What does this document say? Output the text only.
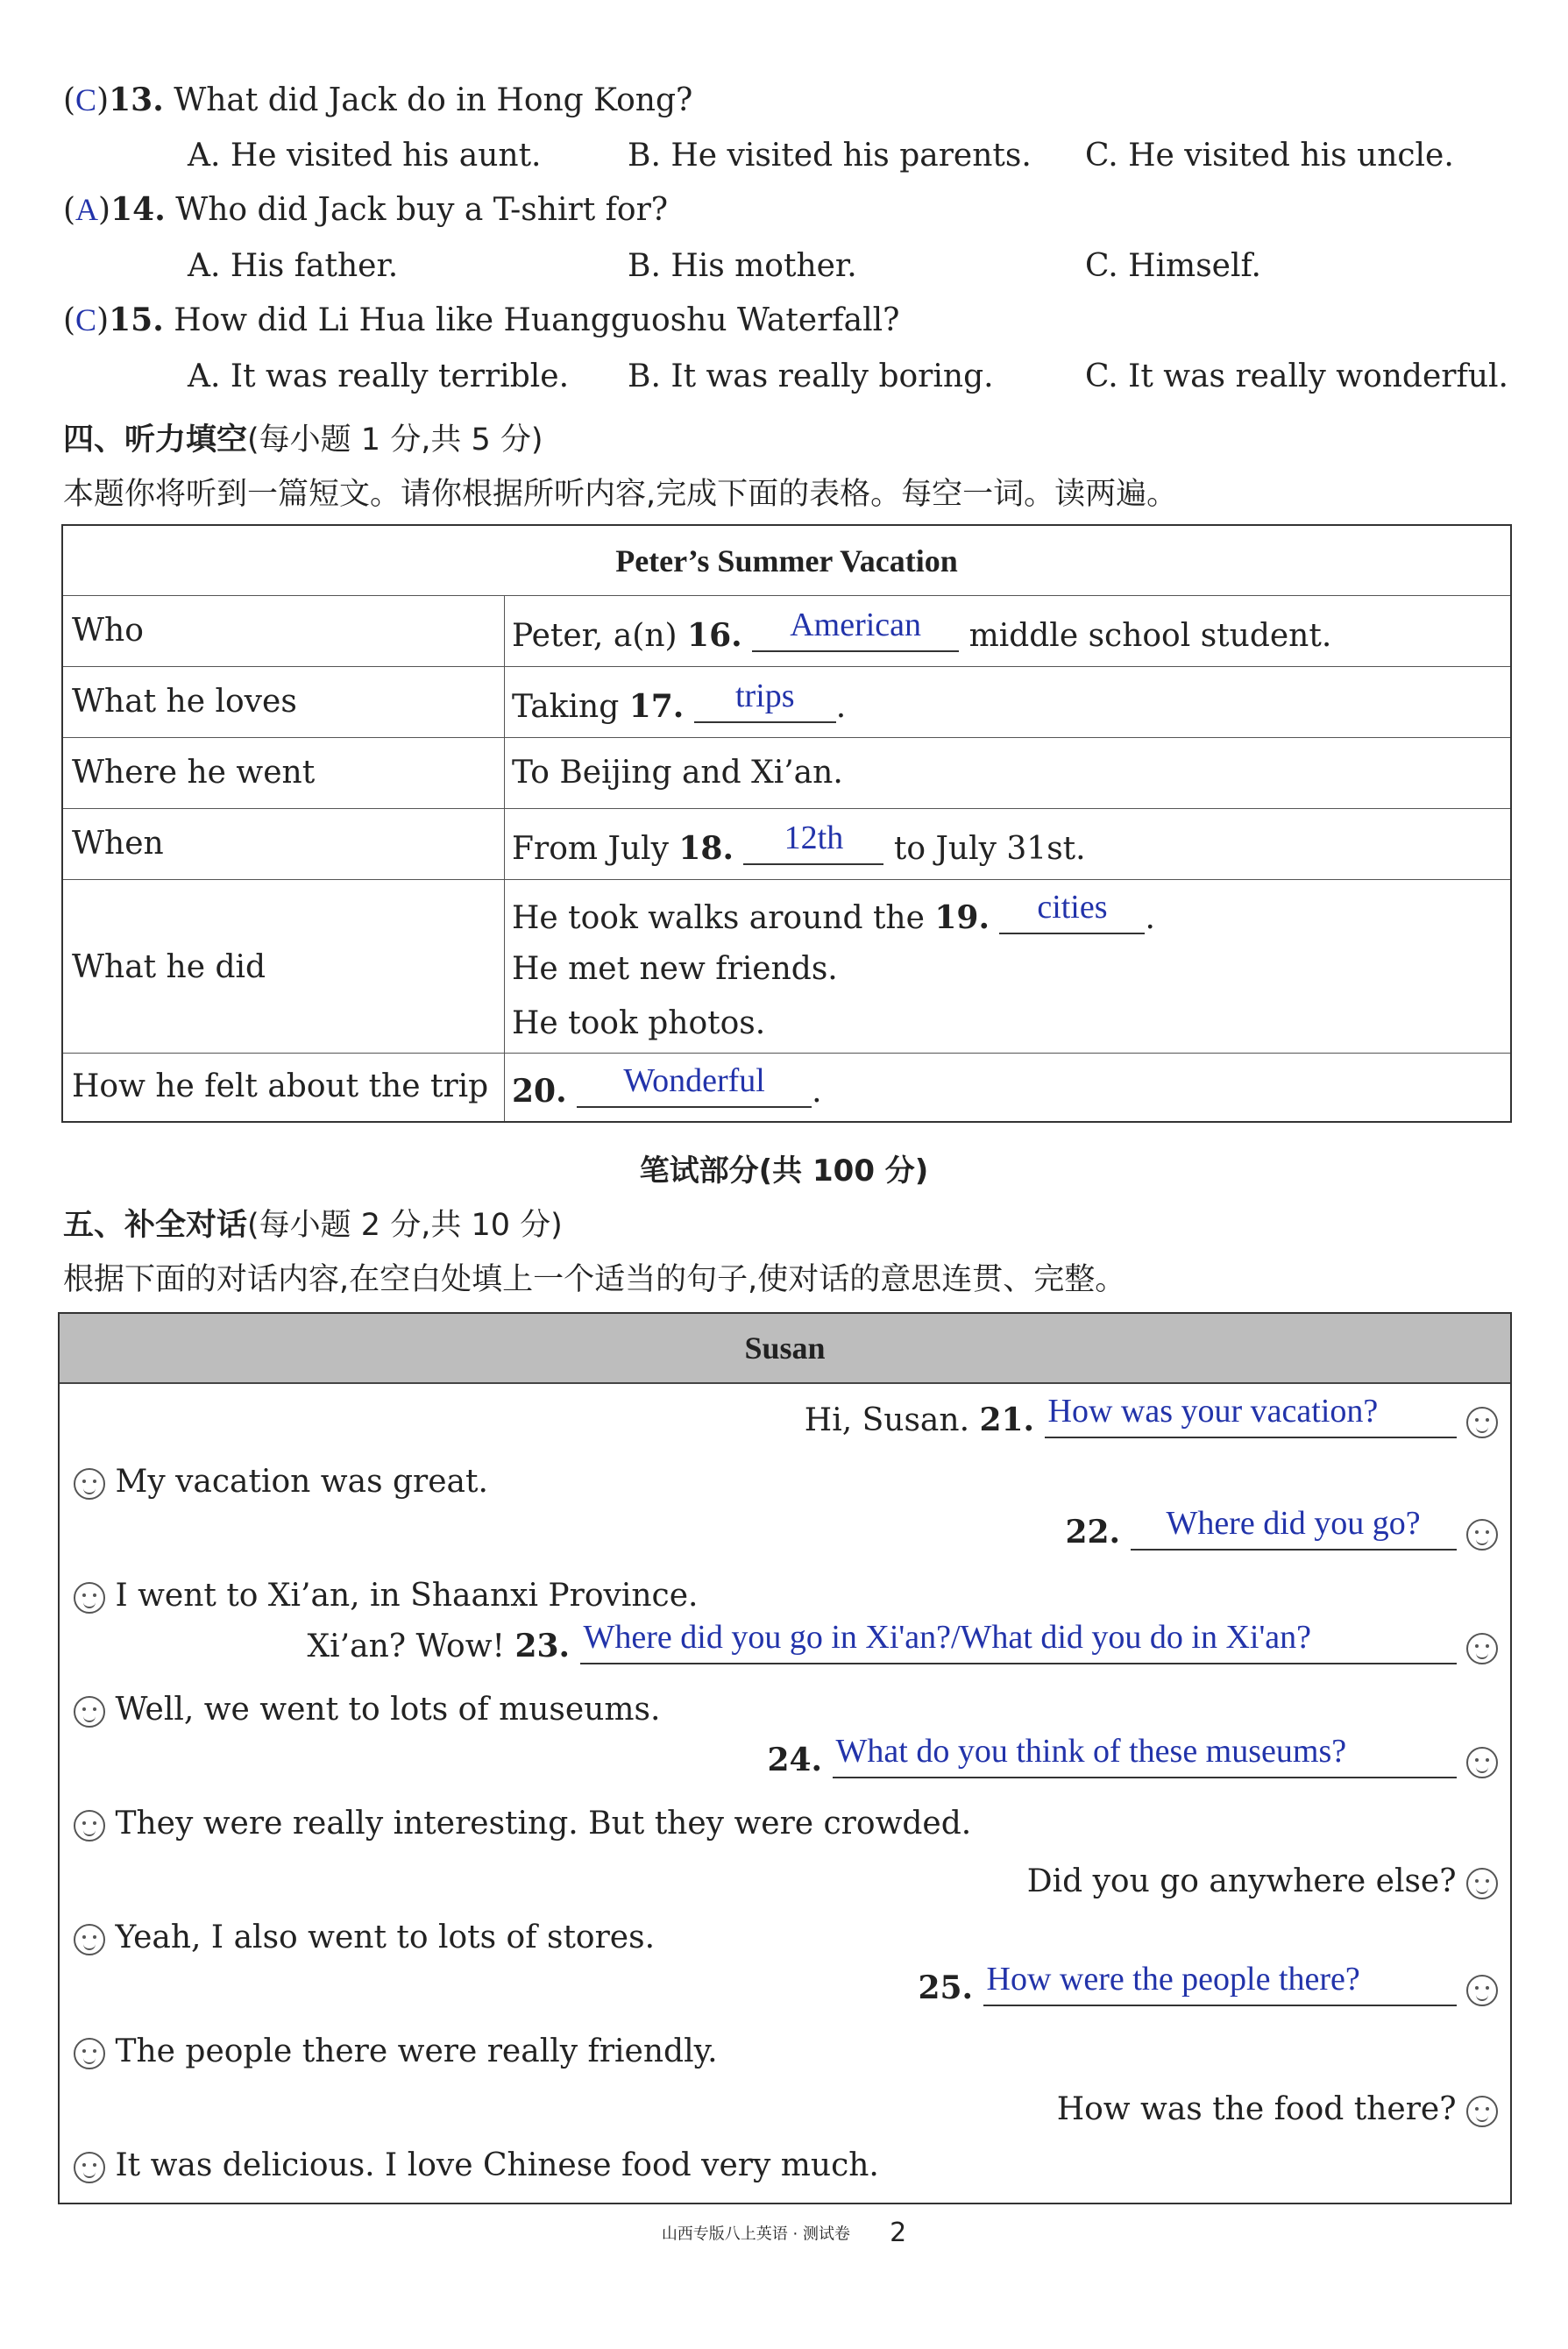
(C)13. What did Jack do in Hong Kong?
A. He visited his aunt.	B. He visited his parents. C. He visited his uncle.
(A)14. Who did Jack buy a T-shirt for?
A. His father.	B. His mother.	C. Himself.
(C)15. How did Li Hua like Huangguoshu Waterfall?
A. It was really terrible. B. It was really boring.	C. It was really wonderful.
四、听力填空(每小题 1 分,共 5 分)
本题你将听到一篇短文。请你根据所听内容,完成下面的表格。每空一词。读两遍。
Peter’s Summer Vacation
Who	Peter, a(n) 16.	American	middle school student.
What he loves	Taking 17.	trips	.
Where he went	To Beijing and Xi’an.
When	From July 18.	12th	to July 31st.
What he did
He took walks around the 19.	cities	.
He met new friends.
He took photos.
How he felt about the trip 20.	Wonderful	.
笔试部分(共 100 分)
五、补全对话(每小题 2 分,共 10 分)
根据下面的对话内容,在空白处填上一个适当的句子,使对话的意思连贯、完整。
Susan
Hi, Susan. 21. How was your vacation?

My vacation was great.
22.	Where did you go?

I went to Xi’an, in Shaanxi Province.
Xi’an? Wow! 23. Where did you go in Xi'an?/What did you do in Xi'an?

Well, we went to lots of museums.
24. What do you think of these museums?

They were really interesting. But they were crowded.
Did you go anywhere else?
Yeah, I also went to lots of stores.
25. How were the people there?

The people there were really friendly.
How was the food there?
It was delicious. I love Chinese food very much.
山西专版八上英语 · 测试卷 2
